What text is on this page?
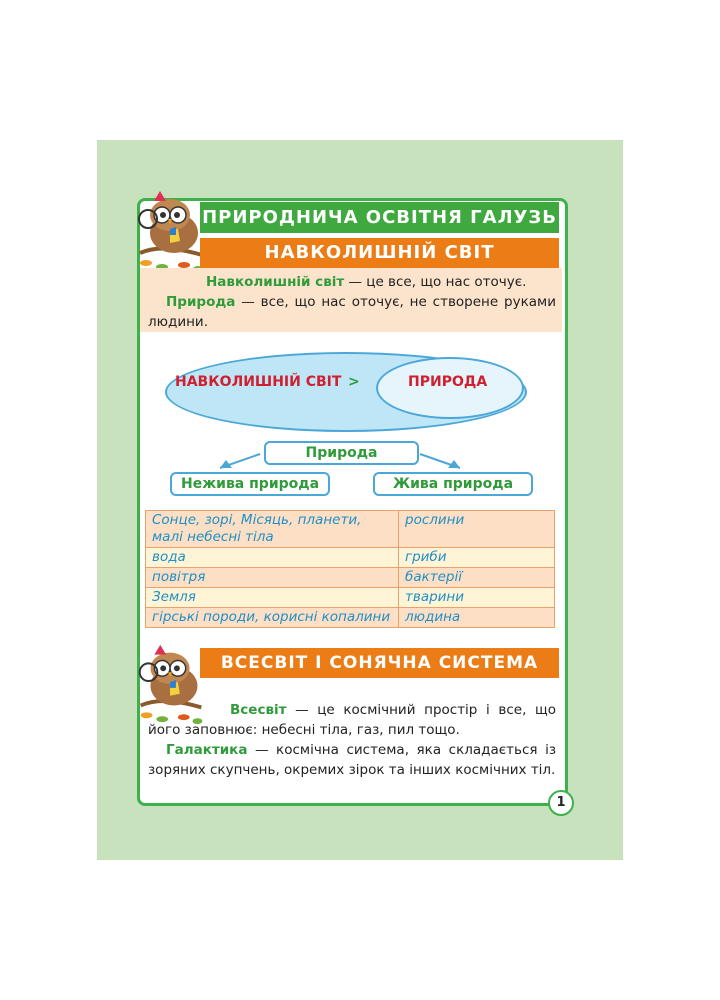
ПРИРОДНИЧА ОСВІТНЯ ГАЛУЗЬ
НАВКОЛИШНІЙ СВІТ
Навколишній світ — це все, що нас оточує.
Природа — все, що нас оточує, не створене руками людини.
НАВКОЛИШНІЙ СВІТ >	ПРИРОДА
Природа
Нежива природа	Жива природа
Сонце, зорі, Місяць, планети, малі небесні тіла	рослини
вода	гриби
повітря	бактерії
Земля	тварини
гірські породи, корисні копалини	людина
ВСЕСВІТ І СОНЯЧНА СИСТЕМА
Всесвіт — це космічний простір і все, що його заповнює: небесні тіла, газ, пил тощо.
Галактика — космічна система, яка складається із зоряних скупчень, окремих зірок та інших космічних тіл.
1
